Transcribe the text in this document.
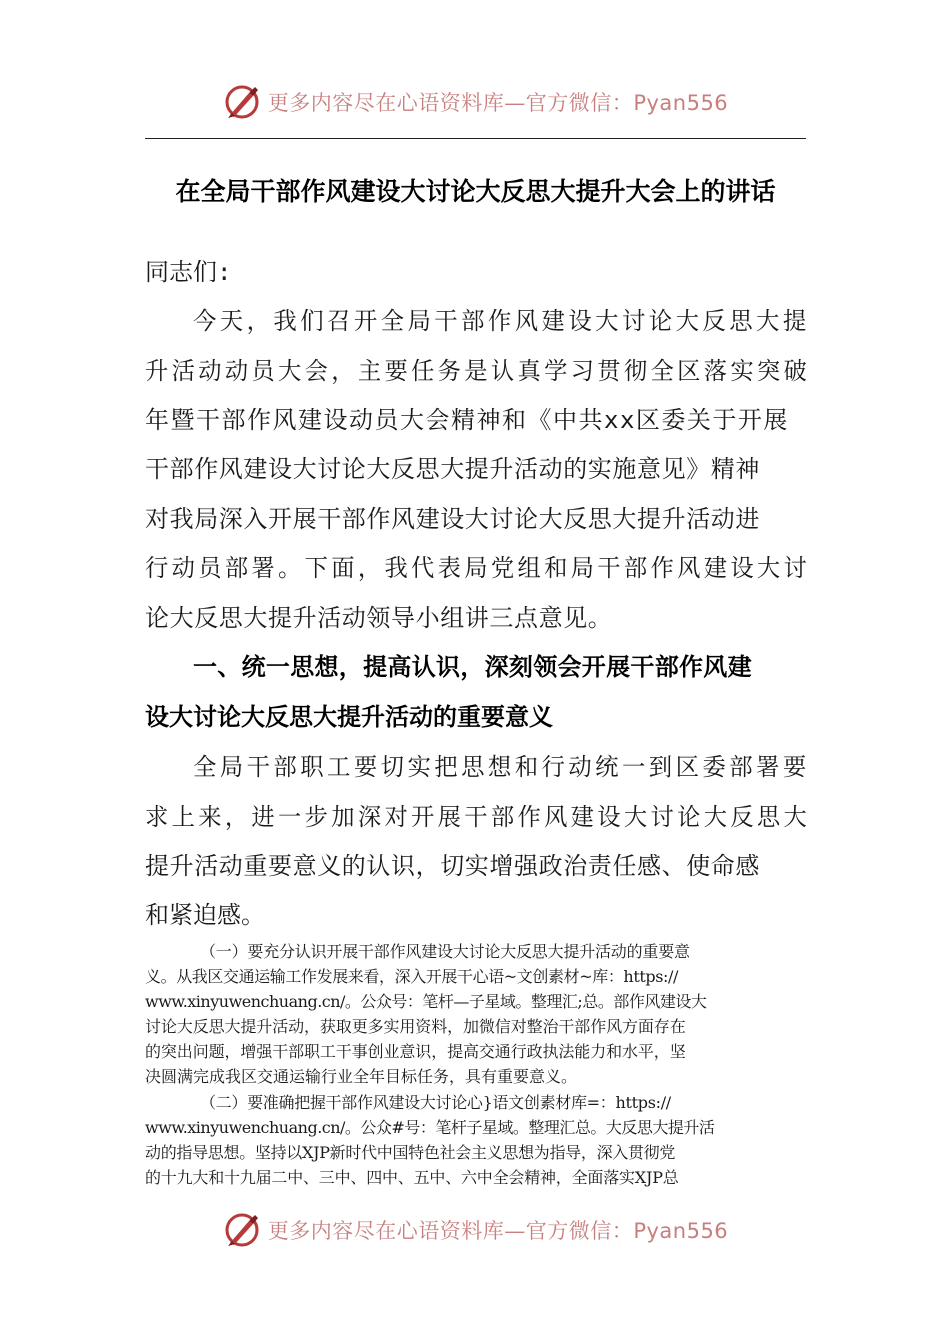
更多内容尽在心语资料库—官方微信：Pyan556
在全局干部作风建设大讨论大反思大提升大会上的讲话
同志们:
今天，我们召开全局干部作风建设大讨论大反思大提
升活动动员大会，主要任务是认真学习贯彻全区落实突破
年暨干部作风建设动员大会精神和《中共xx区委关于开展
干部作风建设大讨论大反思大提升活动的实施意见》精神
对我局深入开展干部作风建设大讨论大反思大提升活动进
行动员部署。下面，我代表局党组和局干部作风建设大讨
论大反思大提升活动领导小组讲三点意见。
一、统一思想，提高认识，深刻领会开展干部作风建
设大讨论大反思大提升活动的重要意义
全局干部职工要切实把思想和行动统一到区委部署要
求上来，进一步加深对开展干部作风建设大讨论大反思大
提升活动重要意义的认识，切实增强政治责任感、使命感
和紧迫感。
（一）要充分认识开展干部作风建设大讨论大反思大提升活动的重要意
义。从我区交通运输工作发展来看，深入开展干心语~文创素材~库：https://
www.xinyuwenchuang.cn/。公众号：笔杆—子星域。整理汇;总。部作风建设大
讨论大反思大提升活动，获取更多实用资料，加微信对整治干部作风方面存在
的突出问题，增强干部职工干事创业意识，提高交通行政执法能力和水平，坚
决圆满完成我区交通运输行业全年目标任务，具有重要意义。
（二）要准确把握干部作风建设大讨论心}语文创素材库=：https://
www.xinyuwenchuang.cn/。公众#号：笔杆子星域。整理汇总。大反思大提升活
动的指导思想。坚持以XJP新时代中国特色社会主义思想为指导，深入贯彻党
的十九大和十九届二中、三中、四中、五中、六中全会精神，全面落实XJP总
更多内容尽在心语资料库—官方微信：Pyan556
